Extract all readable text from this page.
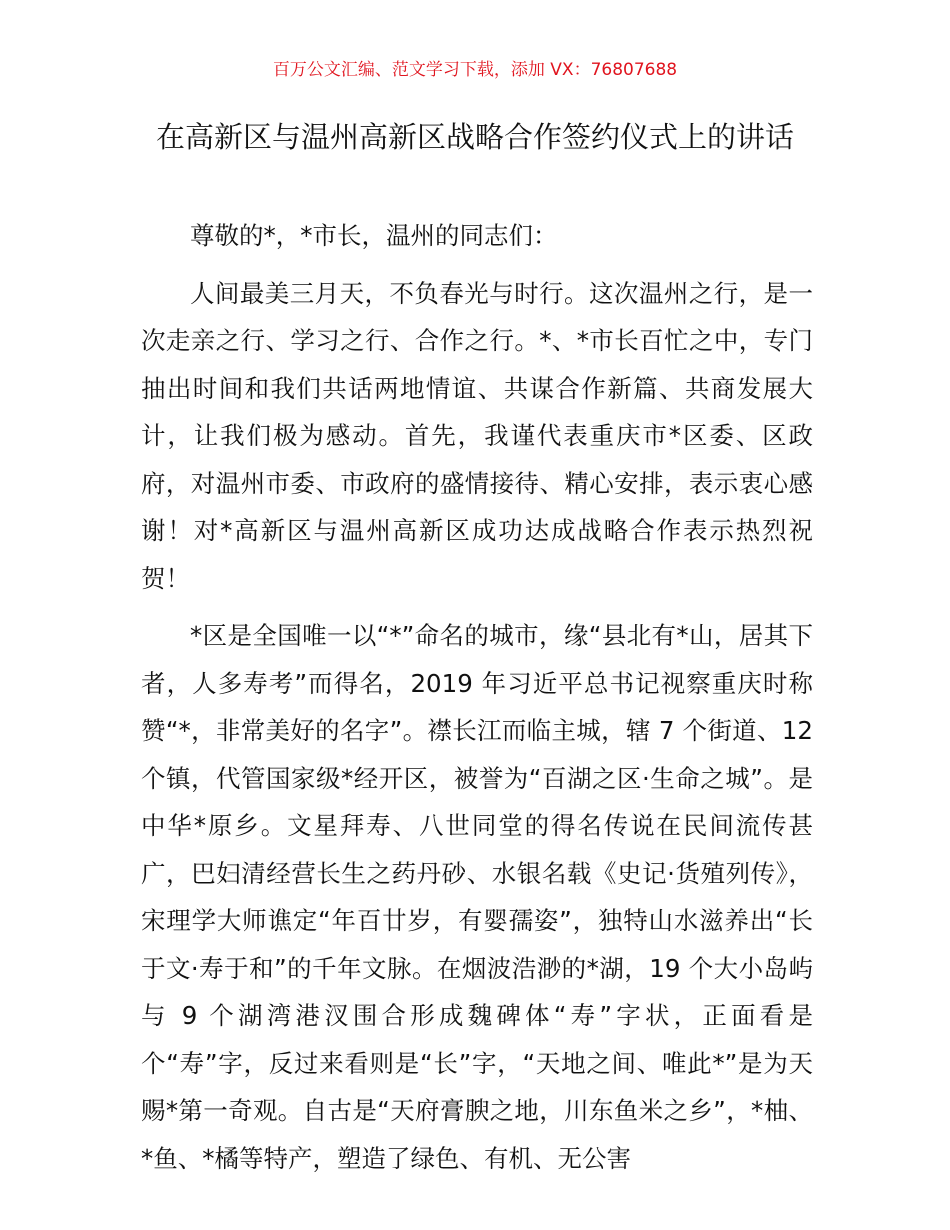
百万公文汇编、范文学习下载，添加 VX：76807688
在高新区与温州高新区战略合作签约仪式上的讲话

尊敬的*，*市长，温州的同志们：

人间最美三月天，不负春光与时行。这次温州之行，是一次走亲之行、学习之行、合作之行。*、*市长百忙之中，专门抽出时间和我们共话两地情谊、共谋合作新篇、共商发展大计，让我们极为感动。首先，我谨代表重庆市*区委、区政府，对温州市委、市政府的盛情接待、精心安排，表示衷心感谢！对*高新区与温州高新区成功达成战略合作表示热烈祝贺！

*区是全国唯一以“*”命名的城市，缘“县北有*山，居其下者，人多寿考”而得名，2019 年习近平总书记视察重庆时称赞“*，非常美好的名字”。襟长江而临主城，辖 7 个街道、12 个镇，代管国家级*经开区，被誉为“百湖之区·生命之城”。是中华*原乡。文星拜寿、八世同堂的得名传说在民间流传甚广，巴妇清经营长生之药丹砂、水银名载《史记·货殖列传》，宋理学大师谯定“年百廿岁，有婴孺姿”，独特山水滋养出“长于文·寿于和”的千年文脉。在烟波浩渺的*湖，19 个大小岛屿与 9 个湖湾港汊围合形成魏碑体“寿”字状，正面看是个“寿”字，反过来看则是“长”字，“天地之间、唯此*”是为天赐*第一奇观。自古是“天府膏腴之地，川东鱼米之乡”，*柚、*鱼、*橘等特产，塑造了绿色、有机、无公害
